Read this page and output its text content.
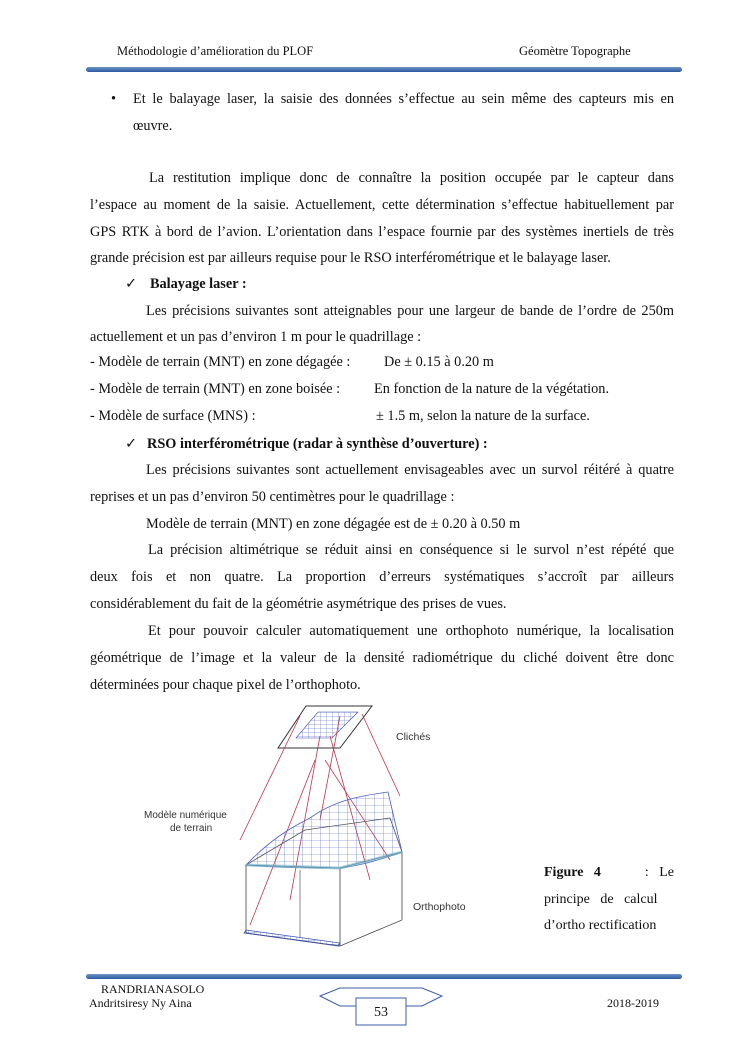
Méthodologie d’amélioration du PLOF	Géomètre Topographe
• Et le balayage laser, la saisie des données s’effectue au sein même des capteurs mis en
œuvre.
La restitution implique donc de connaître la position occupée par le capteur dans
l’espace au moment de la saisie. Actuellement, cette détermination s’effectue habituellement par
GPS RTK à bord de l’avion. L’orientation dans l’espace fournie par des systèmes inertiels de très
grande précision est par ailleurs requise pour le RSO interférométrique et le balayage laser.
✓ Balayage laser :
Les précisions suivantes sont atteignables pour une largeur de bande de l’ordre de 250m
actuellement et un pas d’environ 1 m pour le quadrillage :
- Modèle de terrain (MNT) en zone dégagée : De ± 0.15 à 0.20 m
- Modèle de terrain (MNT) en zone boisée : En fonction de la nature de la végétation.
- Modèle de surface (MNS) :	± 1.5 m, selon la nature de la surface.
✓ RSO interférométrique (radar à synthèse d’ouverture) :
Les précisions suivantes sont actuellement envisageables avec un survol réitéré à quatre
reprises et un pas d’environ 50 centimètres pour le quadrillage :
Modèle de terrain (MNT) en zone dégagée est de ± 0.20 à 0.50 m
La précision altimétrique se réduit ainsi en conséquence si le survol n’est répété que
deux fois et non quatre. La proportion d’erreurs systématiques s’accroît par ailleurs
considérablement du fait de la géométrie asymétrique des prises de vues.
Et pour pouvoir calculer automatiquement une orthophoto numérique, la localisation
géométrique de l’image et la valeur de la densité radiométrique du cliché doivent être donc
déterminées pour chaque pixel de l’orthophoto.
Clichés
Modèle numérique
de terrain
Orthophoto
Figure   4	:   Le
principe   de   calcul
d’ortho rectification
RANDRIANASOLO
Andritsiresy Ny Aina	2018-2019
53
